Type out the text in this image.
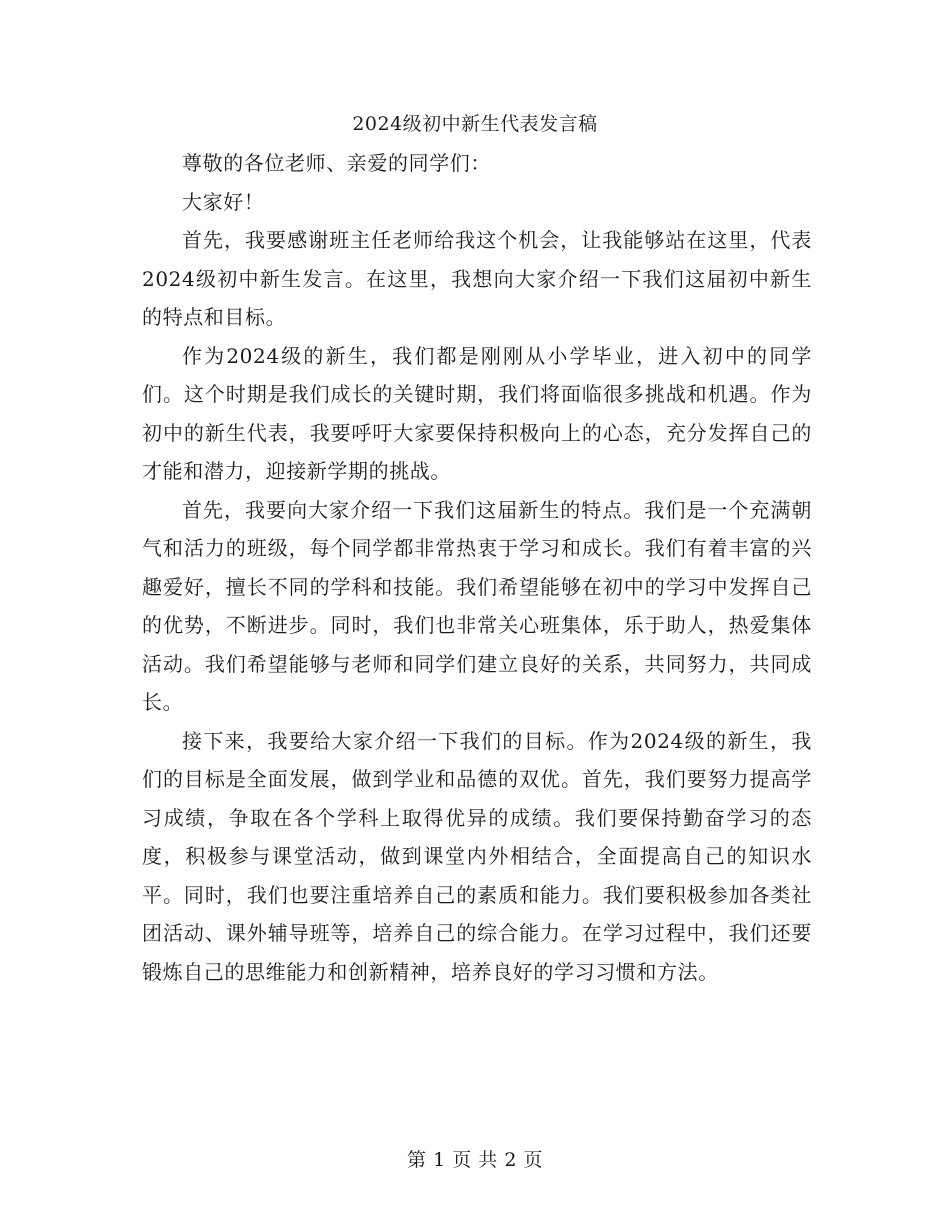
2024级初中新生代表发言稿

尊敬的各位老师、亲爱的同学们：

大家好！

首先，我要感谢班主任老师给我这个机会，让我能够站在这里，代表2024级初中新生发言。在这里，我想向大家介绍一下我们这届初中新生的特点和目标。

作为2024级的新生，我们都是刚刚从小学毕业，进入初中的同学们。这个时期是我们成长的关键时期，我们将面临很多挑战和机遇。作为初中的新生代表，我要呼吁大家要保持积极向上的心态，充分发挥自己的才能和潜力，迎接新学期的挑战。

首先，我要向大家介绍一下我们这届新生的特点。我们是一个充满朝气和活力的班级，每个同学都非常热衷于学习和成长。我们有着丰富的兴趣爱好，擅长不同的学科和技能。我们希望能够在初中的学习中发挥自己的优势，不断进步。同时，我们也非常关心班集体，乐于助人，热爱集体活动。我们希望能够与老师和同学们建立良好的关系，共同努力，共同成长。

接下来，我要给大家介绍一下我们的目标。作为2024级的新生，我们的目标是全面发展，做到学业和品德的双优。首先，我们要努力提高学习成绩，争取在各个学科上取得优异的成绩。我们要保持勤奋学习的态度，积极参与课堂活动，做到课堂内外相结合，全面提高自己的知识水平。同时，我们也要注重培养自己的素质和能力。我们要积极参加各类社团活动、课外辅导班等，培养自己的综合能力。在学习过程中，我们还要锻炼自己的思维能力和创新精神，培养良好的学习习惯和方法。

第 1 页 共 2 页
